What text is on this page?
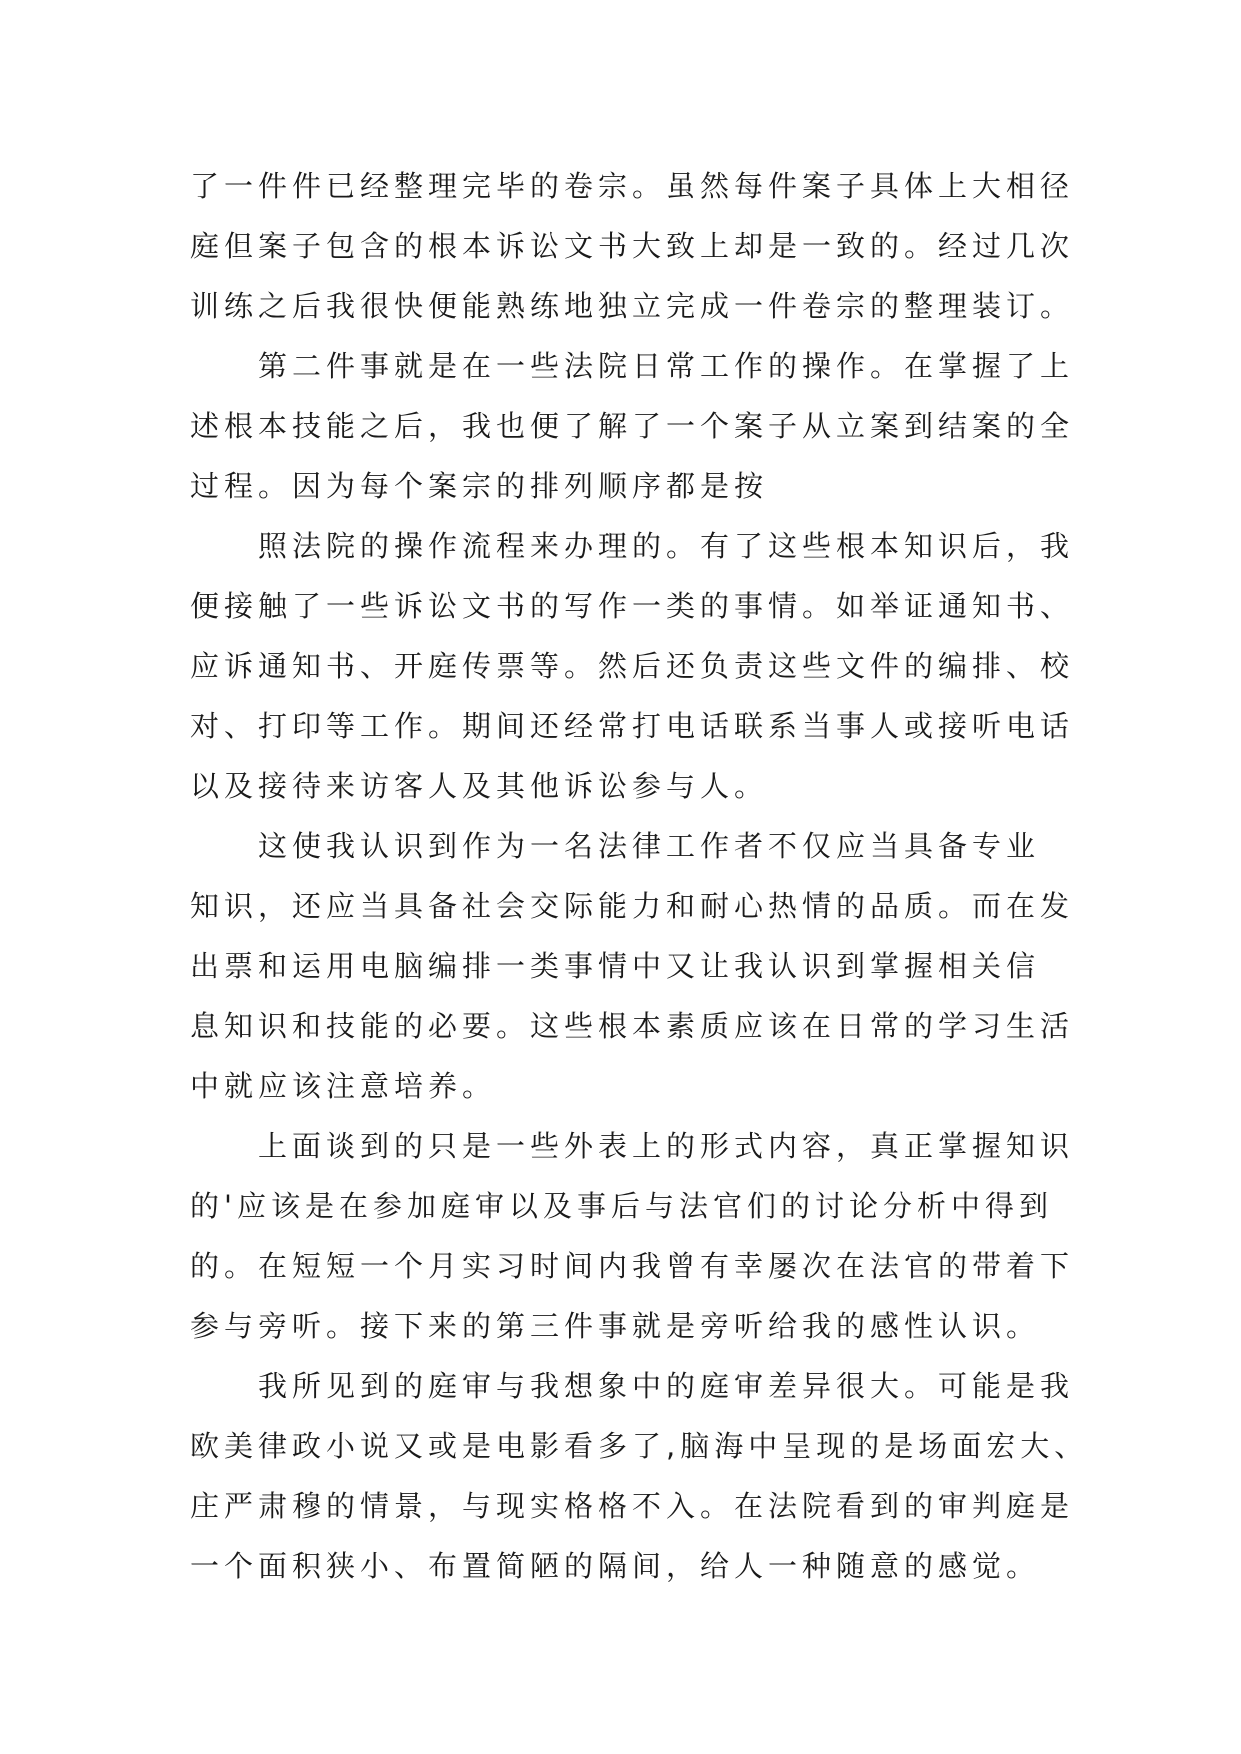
了一件件已经整理完毕的卷宗。虽然每件案子具体上大相径
庭但案子包含的根本诉讼文书大致上却是一致的。经过几次
训练之后我很快便能熟练地独立完成一件卷宗的整理装订。
第二件事就是在一些法院日常工作的操作。在掌握了上
述根本技能之后，我也便了解了一个案子从立案到结案的全
过程。因为每个案宗的排列顺序都是按
照法院的操作流程来办理的。有了这些根本知识后，我
便接触了一些诉讼文书的写作一类的事情。如举证通知书、
应诉通知书、开庭传票等。然后还负责这些文件的编排、校
对、打印等工作。期间还经常打电话联系当事人或接听电话
以及接待来访客人及其他诉讼参与人。
这使我认识到作为一名法律工作者不仅应当具备专业
知识，还应当具备社会交际能力和耐心热情的品质。而在发
出票和运用电脑编排一类事情中又让我认识到掌握相关信
息知识和技能的必要。这些根本素质应该在日常的学习生活
中就应该注意培养。
上面谈到的只是一些外表上的形式内容，真正掌握知识
的'应该是在参加庭审以及事后与法官们的讨论分析中得到
的。在短短一个月实习时间内我曾有幸屡次在法官的带着下
参与旁听。接下来的第三件事就是旁听给我的感性认识。
我所见到的庭审与我想象中的庭审差异很大。可能是我
欧美律政小说又或是电影看多了,脑海中呈现的是场面宏大、
庄严肃穆的情景，与现实格格不入。在法院看到的审判庭是
一个面积狭小、布置简陋的隔间，给人一种随意的感觉。
